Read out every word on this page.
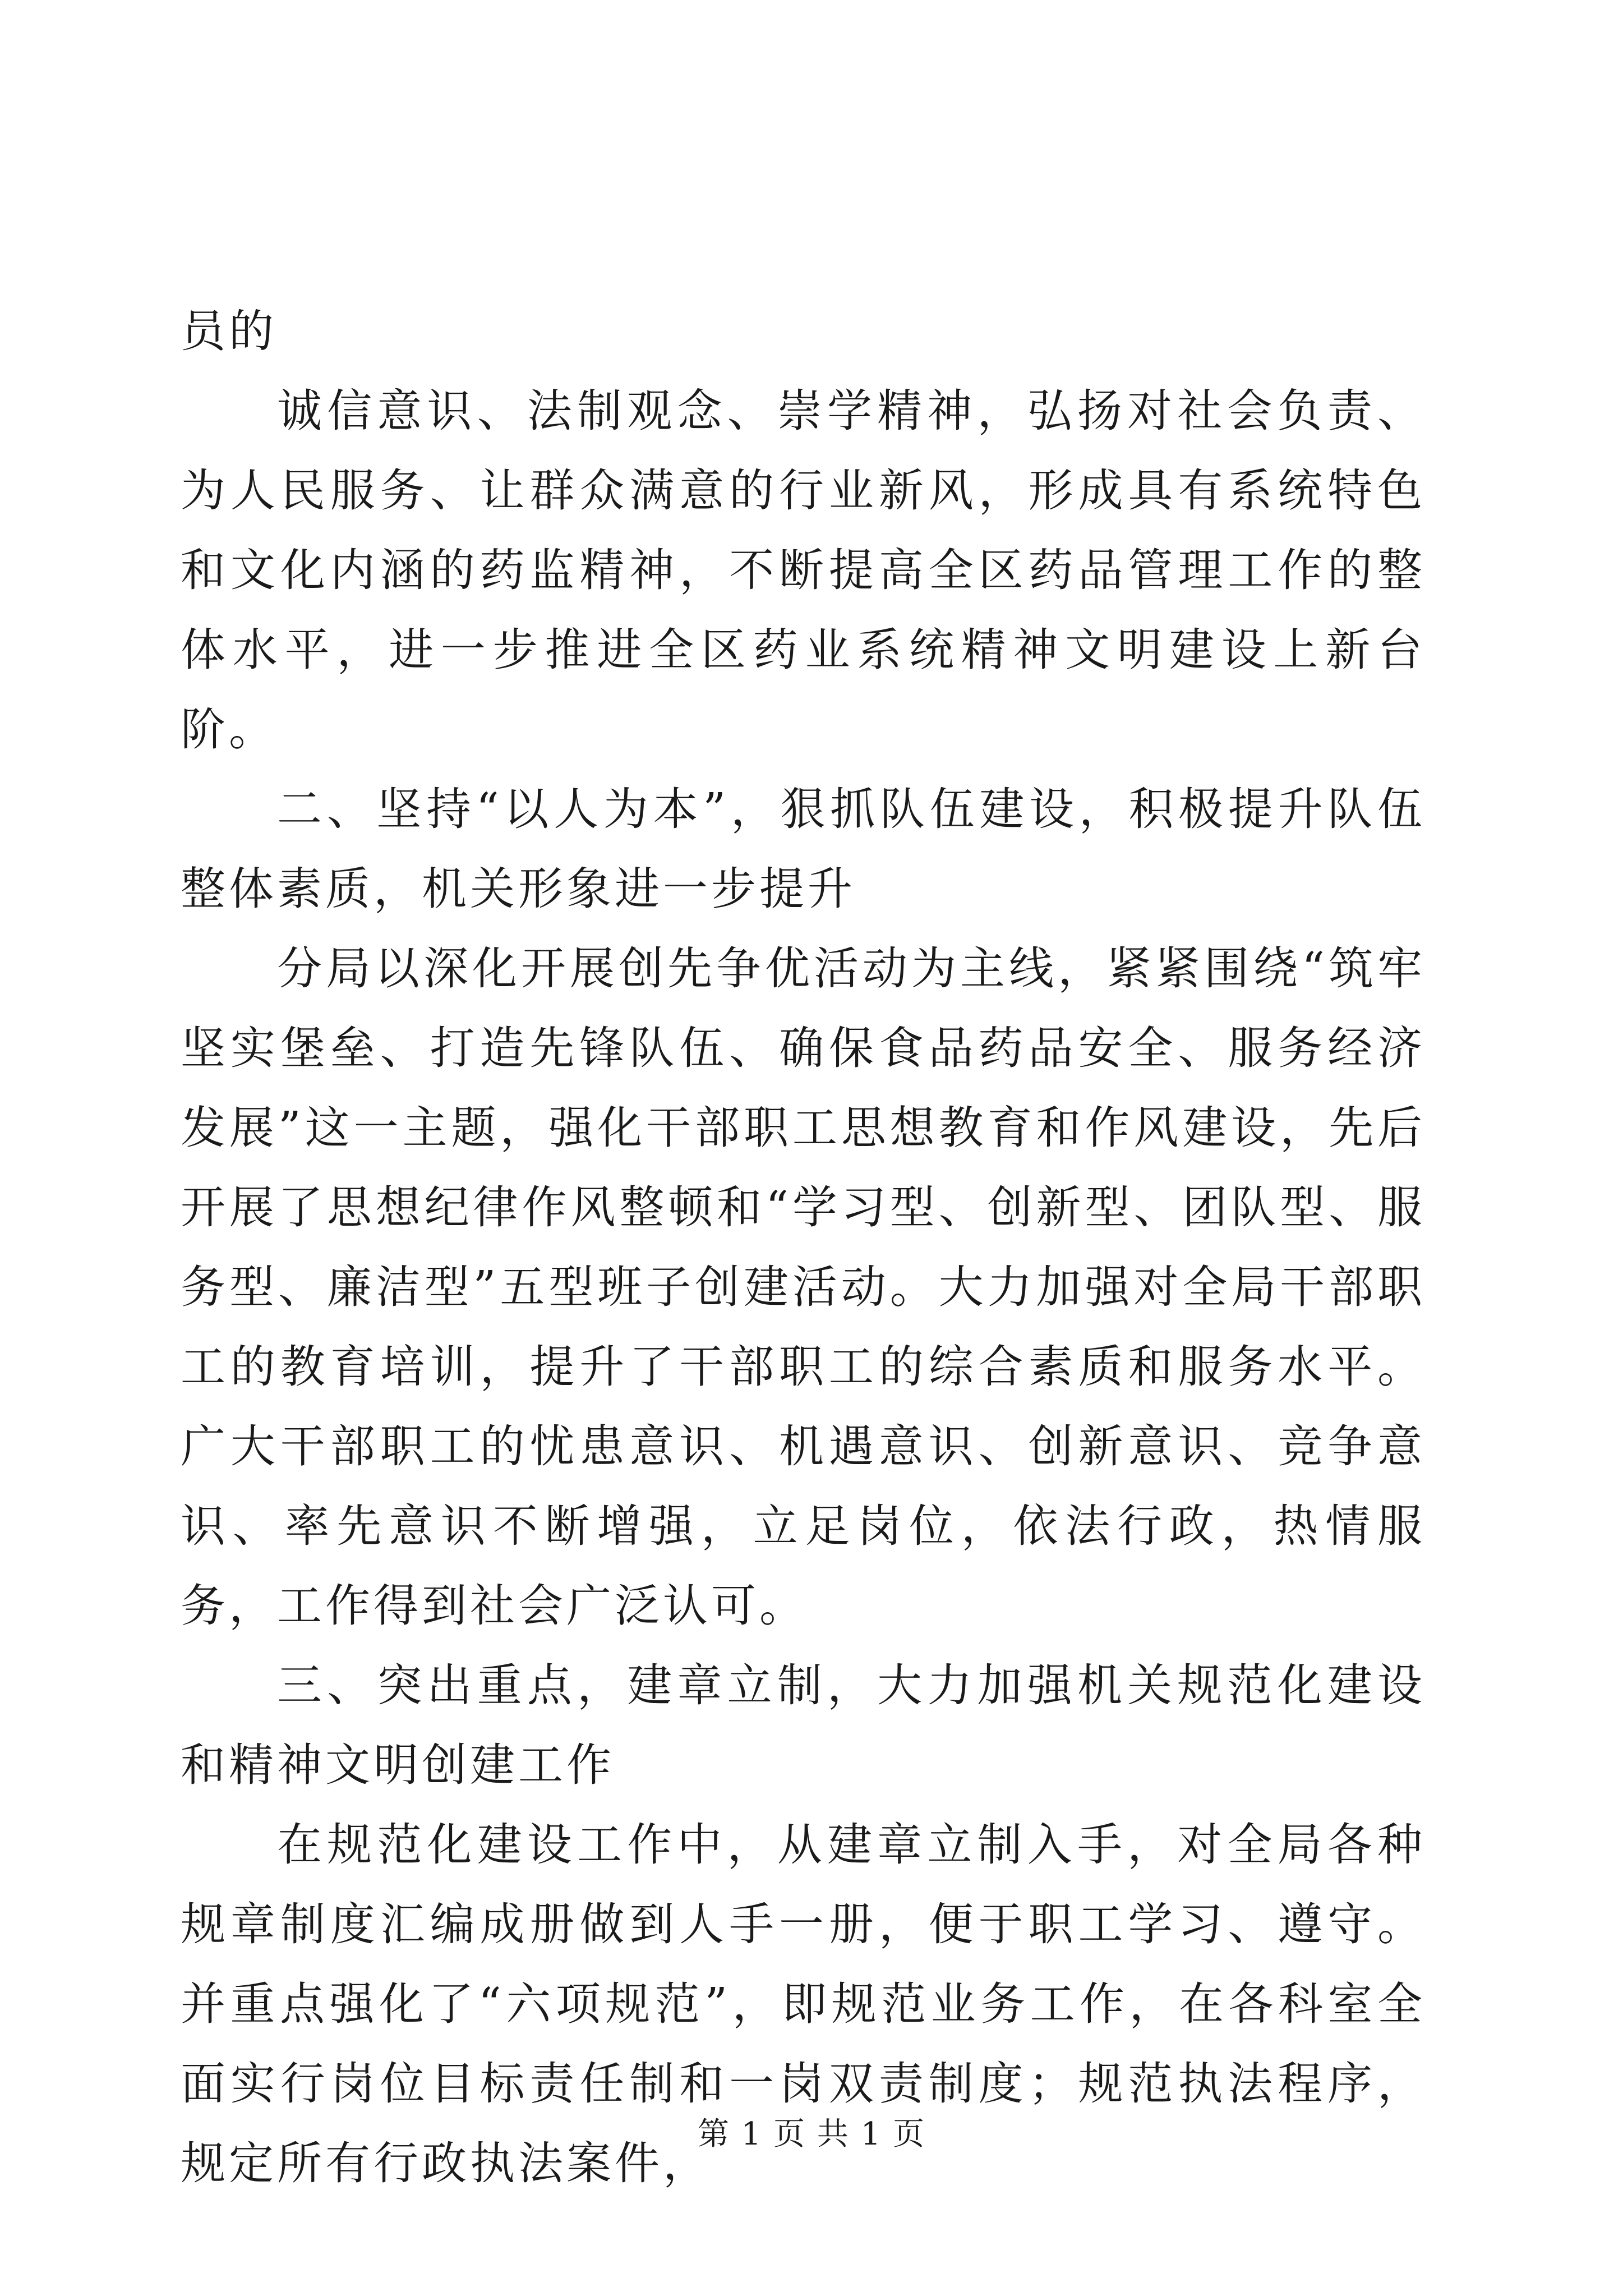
员的

诚信意识、法制观念、崇学精神，弘扬对社会负责、为人民服务、让群众满意的行业新风，形成具有系统特色和文化内涵的药监精神，不断提高全区药品管理工作的整体水平，进一步推进全区药业系统精神文明建设上新台阶。

二、坚持“以人为本”，狠抓队伍建设，积极提升队伍整体素质，机关形象进一步提升

分局以深化开展创先争优活动为主线，紧紧围绕“筑牢坚实堡垒、打造先锋队伍、确保食品药品安全、服务经济发展”这一主题，强化干部职工思想教育和作风建设，先后开展了思想纪律作风整顿和“学习型、创新型、团队型、服务型、廉洁型”五型班子创建活动。大力加强对全局干部职工的教育培训，提升了干部职工的综合素质和服务水平。广大干部职工的忧患意识、机遇意识、创新意识、竞争意识、率先意识不断增强，立足岗位，依法行政，热情服务，工作得到社会广泛认可。

三、突出重点，建章立制，大力加强机关规范化建设和精神文明创建工作

在规范化建设工作中，从建章立制入手，对全局各种规章制度汇编成册做到人手一册，便于职工学习、遵守。并重点强化了“六项规范”，即规范业务工作，在各科室全面实行岗位目标责任制和一岗双责制度；规范执法程序，规定所有行政执法案件，

第 1 页 共 1 页
